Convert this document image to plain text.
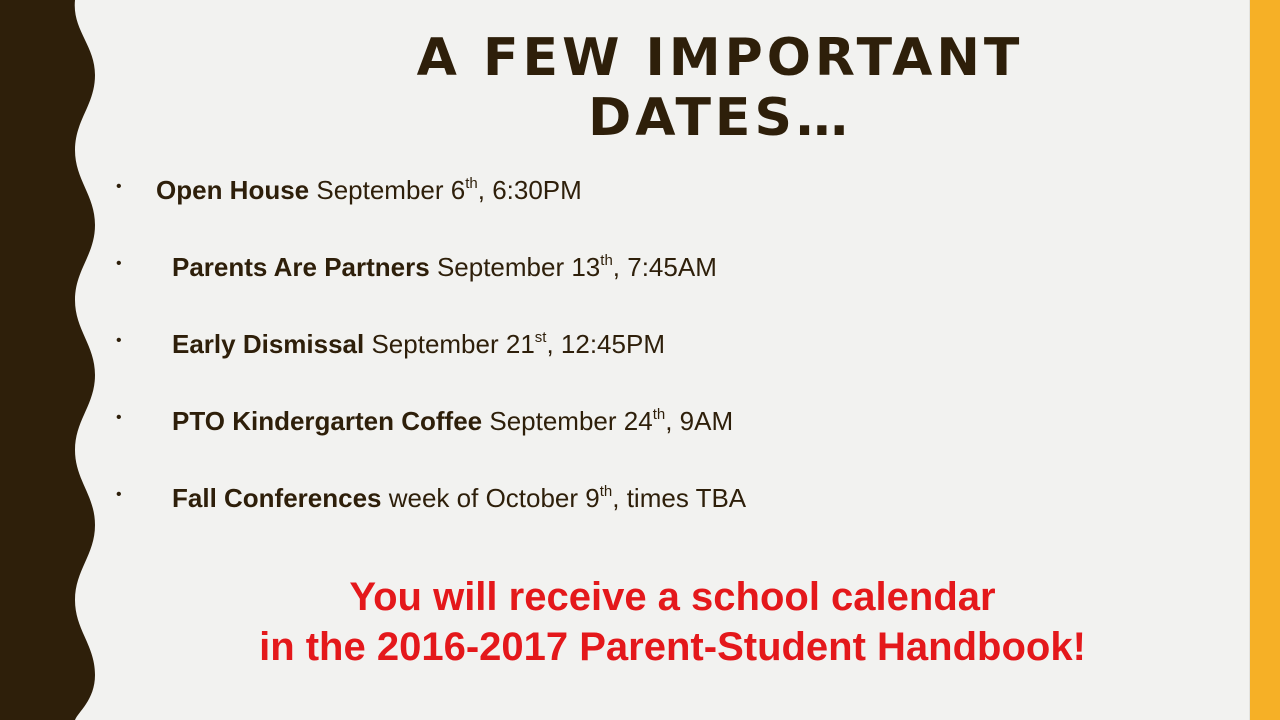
A FEW IMPORTANT
DATES…
• Open House September 6th, 6:30PM
• Parents Are Partners September 13th, 7:45AM
• Early Dismissal September 21st, 12:45PM
• PTO Kindergarten Coffee September 24th, 9AM
• Fall Conferences week of October 9th, times TBA
You will receive a school calendar
in the 2016-2017 Parent-Student Handbook!
